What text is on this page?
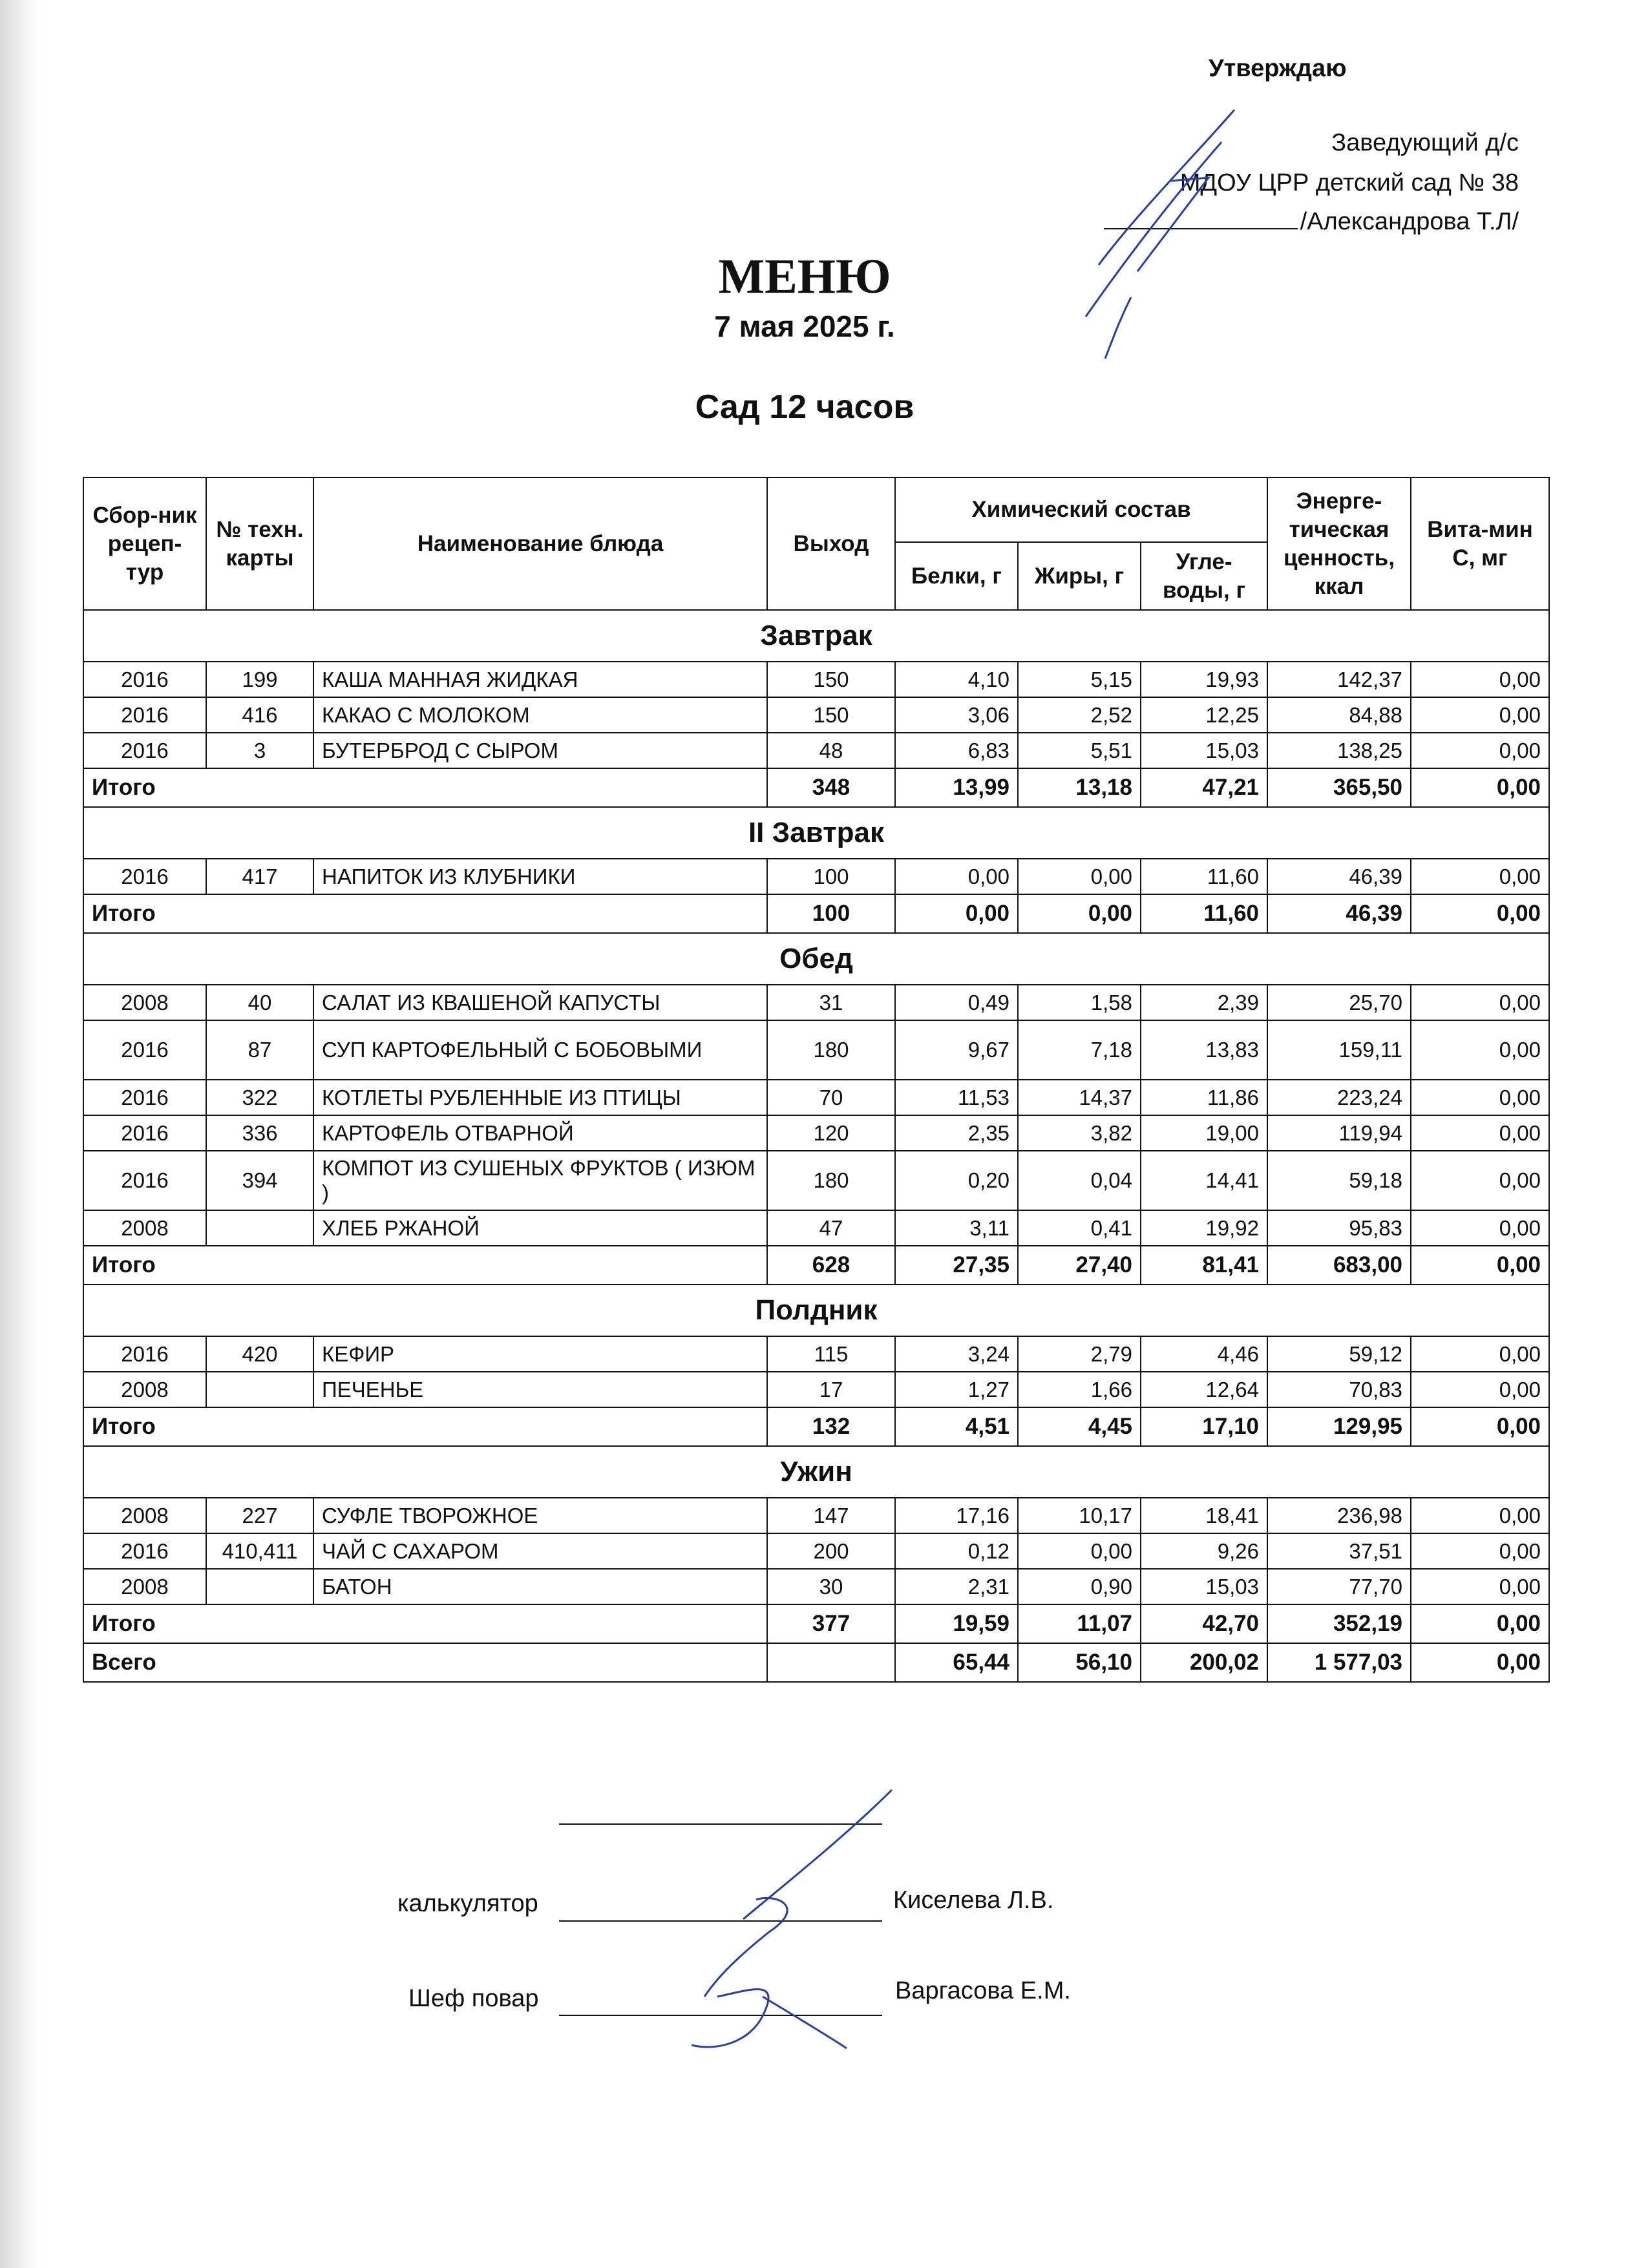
Утверждаю
Заведующий д/с
МДОУ ЦРР детский сад № 38
/Александрова Т.Л/
МЕНЮ
7 мая 2025 г.
Сад 12 часов
Сбор-ник рецеп-тур	№ техн. карты	Наименование блюда	Выход	Химический состав			Энерге-тическая ценность, ккал	Вита-мин С, мг
				Белки, г	Жиры, г	Угле-воды, г		
Завтрак								
2016	199	КАША МАННАЯ ЖИДКАЯ	150	4,10	5,15	19,93	142,37	0,00
2016	416	КАКАО С МОЛОКОМ	150	3,06	2,52	12,25	84,88	0,00
2016	3	БУТЕРБРОД С СЫРОМ	48	6,83	5,51	15,03	138,25	0,00
Итого			348	13,99	13,18	47,21	365,50	0,00
II Завтрак								
2016	417	НАПИТОК ИЗ КЛУБНИКИ	100	0,00	0,00	11,60	46,39	0,00
Итого			100	0,00	0,00	11,60	46,39	0,00
Обед								
2008	40	САЛАТ ИЗ КВАШЕНОЙ КАПУСТЫ	31	0,49	1,58	2,39	25,70	0,00
2016	87	СУП КАРТОФЕЛЬНЫЙ С БОБОВЫМИ	180	9,67	7,18	13,83	159,11	0,00
2016	322	КОТЛЕТЫ РУБЛЕННЫЕ ИЗ ПТИЦЫ	70	11,53	14,37	11,86	223,24	0,00
2016	336	КАРТОФЕЛЬ ОТВАРНОЙ	120	2,35	3,82	19,00	119,94	0,00
2016	394	КОМПОТ ИЗ СУШЕНЫХ ФРУКТОВ ( ИЗЮМ )	180	0,20	0,04	14,41	59,18	0,00
2008		ХЛЕБ РЖАНОЙ	47	3,11	0,41	19,92	95,83	0,00
Итого			628	27,35	27,40	81,41	683,00	0,00
Полдник								
2016	420	КЕФИР	115	3,24	2,79	4,46	59,12	0,00
2008		ПЕЧЕНЬЕ	17	1,27	1,66	12,64	70,83	0,00
Итого			132	4,51	4,45	17,10	129,95	0,00
Ужин								
2008	227	СУФЛЕ ТВОРОЖНОЕ	147	17,16	10,17	18,41	236,98	0,00
2016	410,411	ЧАЙ С САХАРОМ	200	0,12	0,00	9,26	37,51	0,00
2008		БАТОН	30	2,31	0,90	15,03	77,70	0,00
Итого			377	19,59	11,07	42,70	352,19	0,00
Всего				65,44	56,10	200,02	1 577,03	0,00
калькулятор	Киселева Л.В.
Шеф повар	Варгасова Е.М.
